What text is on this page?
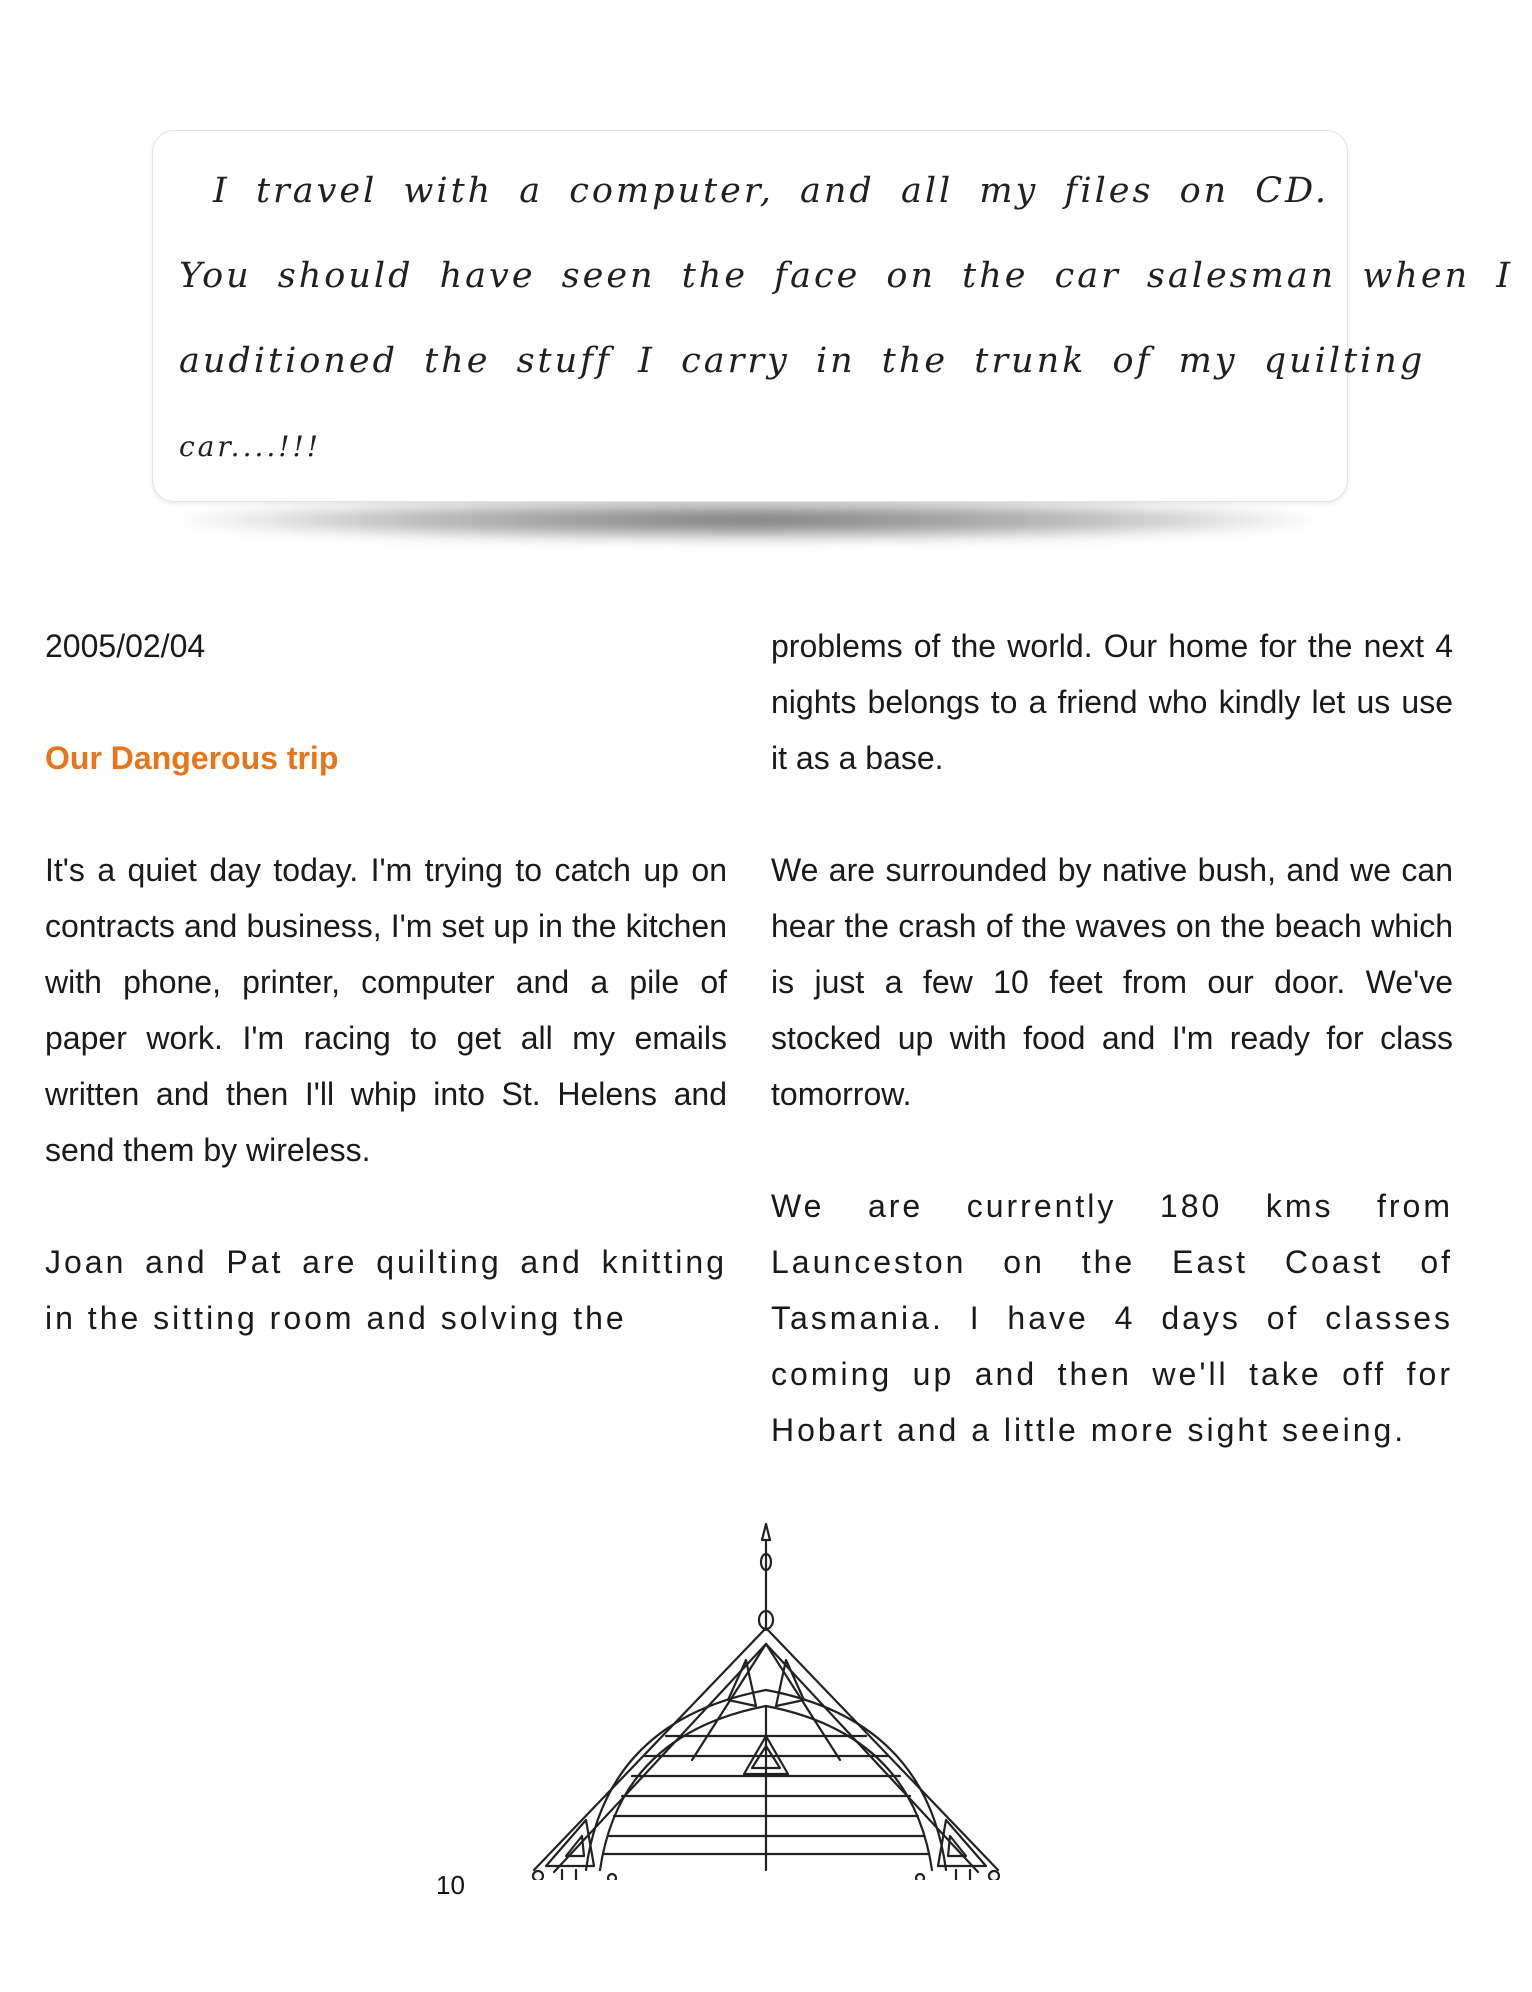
I travel with a computer, and all my files on CD.
You should have seen the face on the car salesman when I
auditioned the stuff I carry in the trunk of my quilting
car....!!!

2005/02/04

Our Dangerous trip

It's a quiet day today. I'm trying to catch up on contracts and business, I'm set up in the kitchen with phone, printer, computer and a pile of paper work. I'm racing to get all my emails written and then I'll whip into St. Helens and send them by wireless.

Joan and Pat are quilting and knitting in the sitting room and solving the

problems of the world. Our home for the next 4 nights belongs to a friend who kindly let us use it as a base.

We are surrounded by native bush, and we can hear the crash of the waves on the beach which is just a few 10 feet from our door. We've stocked up with food and I'm ready for class tomorrow.

We are currently 180 kms from Launceston on the East Coast of Tasmania. I have 4 days of classes coming up and then we'll take off for Hobart and a little more sight seeing.

10
